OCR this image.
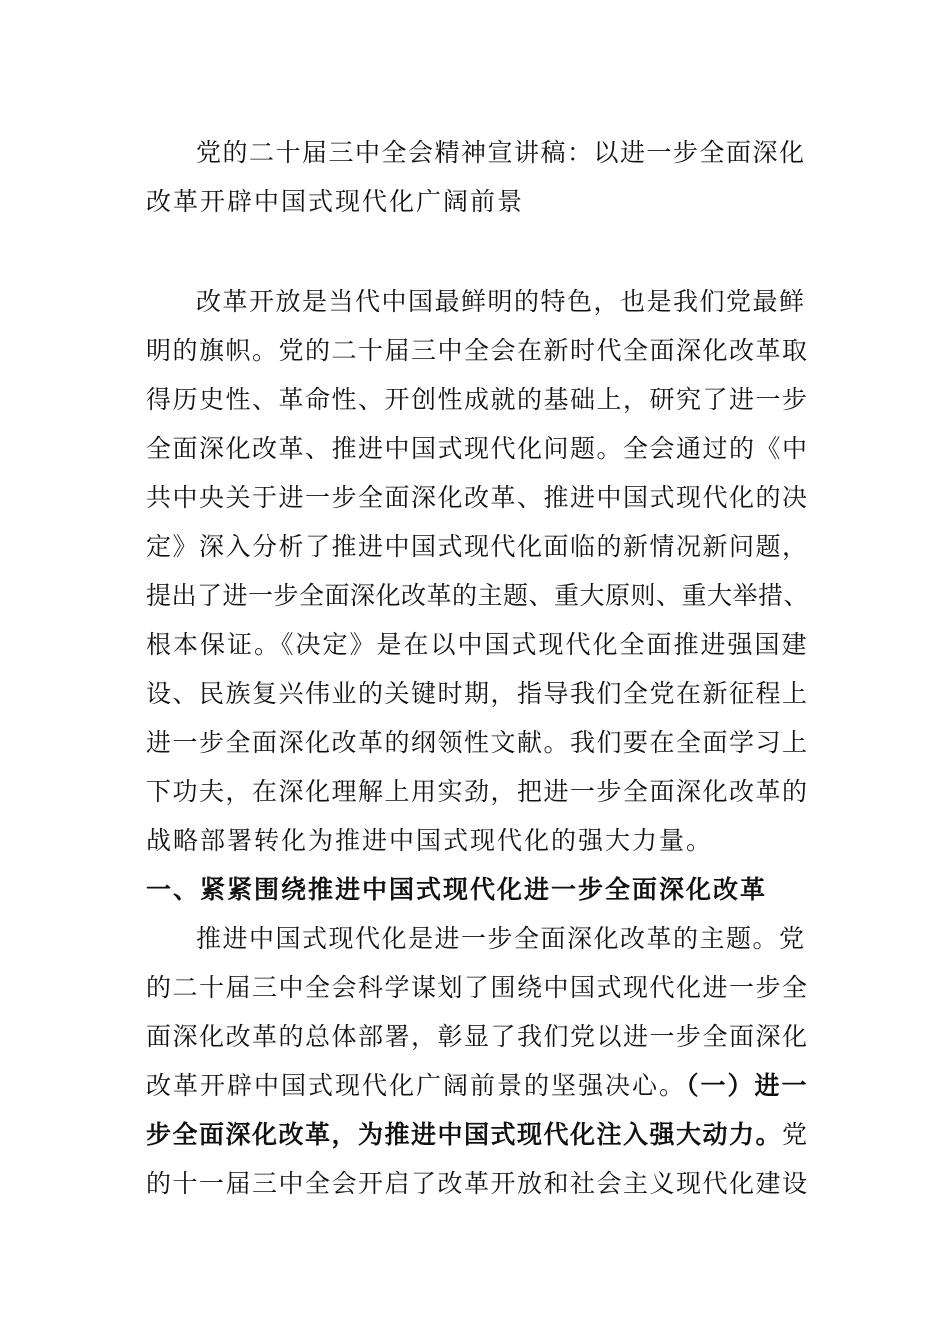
党的二十届三中全会精神宣讲稿：以进一步全面深化
改革开辟中国式现代化广阔前景
改革开放是当代中国最鲜明的特色，也是我们党最鲜
明的旗帜。党的二十届三中全会在新时代全面深化改革取
得历史性、革命性、开创性成就的基础上，研究了进一步
全面深化改革、推进中国式现代化问题。全会通过的《中
共中央关于进一步全面深化改革、推进中国式现代化的决
定》深入分析了推进中国式现代化面临的新情况新问题，
提出了进一步全面深化改革的主题、重大原则、重大举措、
根本保证。《决定》是在以中国式现代化全面推进强国建
设、民族复兴伟业的关键时期，指导我们全党在新征程上
进一步全面深化改革的纲领性文献。我们要在全面学习上
下功夫，在深化理解上用实劲，把进一步全面深化改革的
战略部署转化为推进中国式现代化的强大力量。
一、紧紧围绕推进中国式现代化进一步全面深化改革
推进中国式现代化是进一步全面深化改革的主题。党
的二十届三中全会科学谋划了围绕中国式现代化进一步全
面深化改革的总体部署，彰显了我们党以进一步全面深化
改革开辟中国式现代化广阔前景的坚强决心。（一）进一
步全面深化改革，为推进中国式现代化注入强大动力。党
的十一届三中全会开启了改革开放和社会主义现代化建设
